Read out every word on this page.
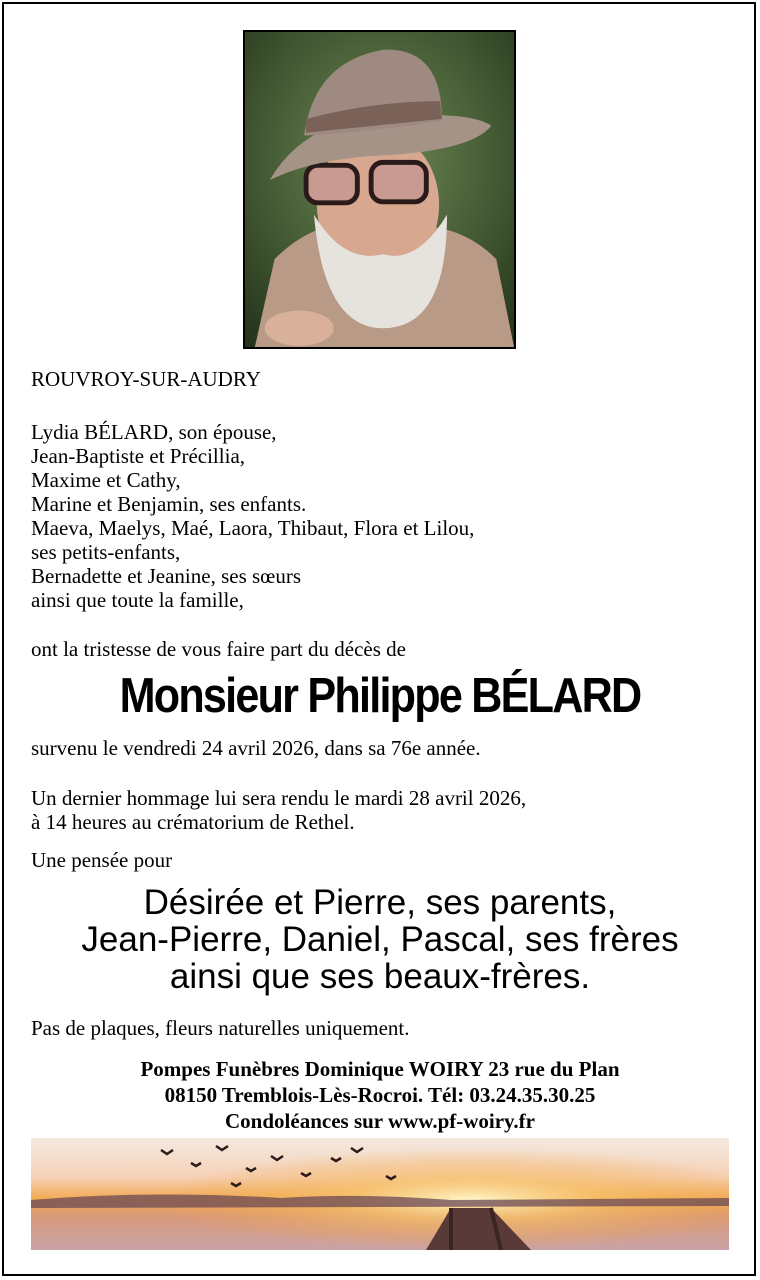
ROUVROY-SUR-AUDRY
Lydia BÉLARD, son épouse,
Jean-Baptiste et Précillia,
Maxime et Cathy,
Marine et Benjamin, ses enfants.
Maeva, Maelys, Maé, Laora, Thibaut, Flora et Lilou,
ses petits-enfants,
Bernadette et Jeanine, ses sœurs
ainsi que toute la famille,
ont la tristesse de vous faire part du décès de
Monsieur Philippe BÉLARD
survenu le vendredi 24 avril 2026, dans sa 76e année.
Un dernier hommage lui sera rendu le mardi 28 avril 2026,
à 14 heures au crématorium de Rethel.
Une pensée pour
Désirée et Pierre, ses parents,
Jean-Pierre, Daniel, Pascal, ses frères
ainsi que ses beaux-frères.
Pas de plaques, fleurs naturelles uniquement.
Pompes Funèbres Dominique WOIRY 23 rue du Plan
08150 Tremblois-Lès-Rocroi. Tél: 03.24.35.30.25
Condoléances sur www.pf-woiry.fr
